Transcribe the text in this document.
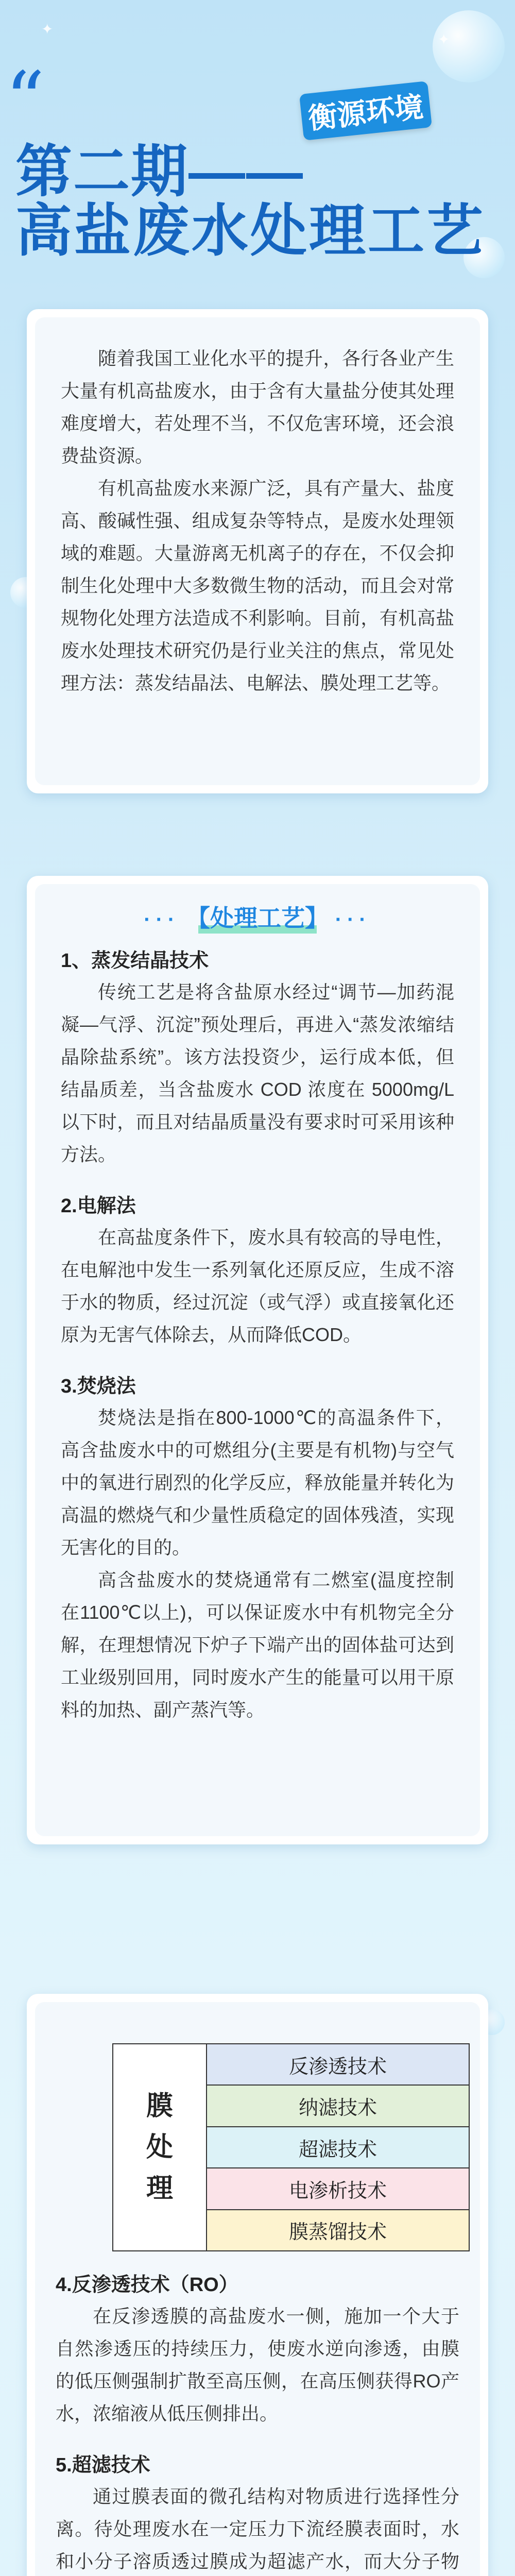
✦
✦
“	衡源环境
第二期——
高盐废水处理工艺

随着我国工业化水平的提升，各行各业产生大量有机高盐废水，由于含有大量盐分使其处理难度增大，若处理不当，不仅危害环境，还会浪费盐资源。

有机高盐废水来源广泛，具有产量大、盐度高、酸碱性强、组成复杂等特点，是废水处理领域的难题。大量游离无机离子的存在，不仅会抑制生化处理中大多数微生物的活动，而且会对常规物化处理方法造成不利影响。目前，有机高盐废水处理技术研究仍是行业关注的焦点，常见处理方法：蒸发结晶法、电解法、膜处理工艺等。

··· 【处理工艺】 ···
1、蒸发结晶技术

传统工艺是将含盐原水经过“调节—加药混凝—气浮、沉淀”预处理后，再进入“蒸发浓缩结晶除盐系统”。该方法投资少，运行成本低，但结晶质差，当含盐废水 COD 浓度在 5000mg/L以下时，而且对结晶质量没有要求时可采用该种方法。

2.电解法

在高盐度条件下，废水具有较高的导电性，在电解池中发生一系列氧化还原反应，生成不溶于水的物质，经过沉淀（或气浮）或直接氧化还原为无害气体除去，从而降低COD。

3.焚烧法

焚烧法是指在800-1000℃的高温条件下，高含盐废水中的可燃组分(主要是有机物)与空气中的氧进行剧烈的化学反应，释放能量并转化为高温的燃烧气和少量性质稳定的固体残渣，实现无害化的目的。

高含盐废水的焚烧通常有二燃室(温度控制在1100℃以上)，可以保证废水中有机物完全分解，在理想情况下炉子下端产出的固体盐可达到工业级别回用，同时废水产生的能量可以用干原料的加热、副产蒸汽等。

膜
处
理
反渗透技术
纳滤技术
超滤技术
电渗析技术
膜蒸馏技术
4.反渗透技术（RO）

在反渗透膜的高盐废水一侧，施加一个大于自然渗透压的持续压力，使废水逆向渗透，由膜的低压侧强制扩散至高压侧，在高压侧获得RO产水，浓缩液从低压侧排出。

5.超滤技术

通过膜表面的微孔结构对物质进行选择性分离。待处理废水在一定压力下流经膜表面时，水和小分子溶质透过膜成为超滤产水，而大分子物
